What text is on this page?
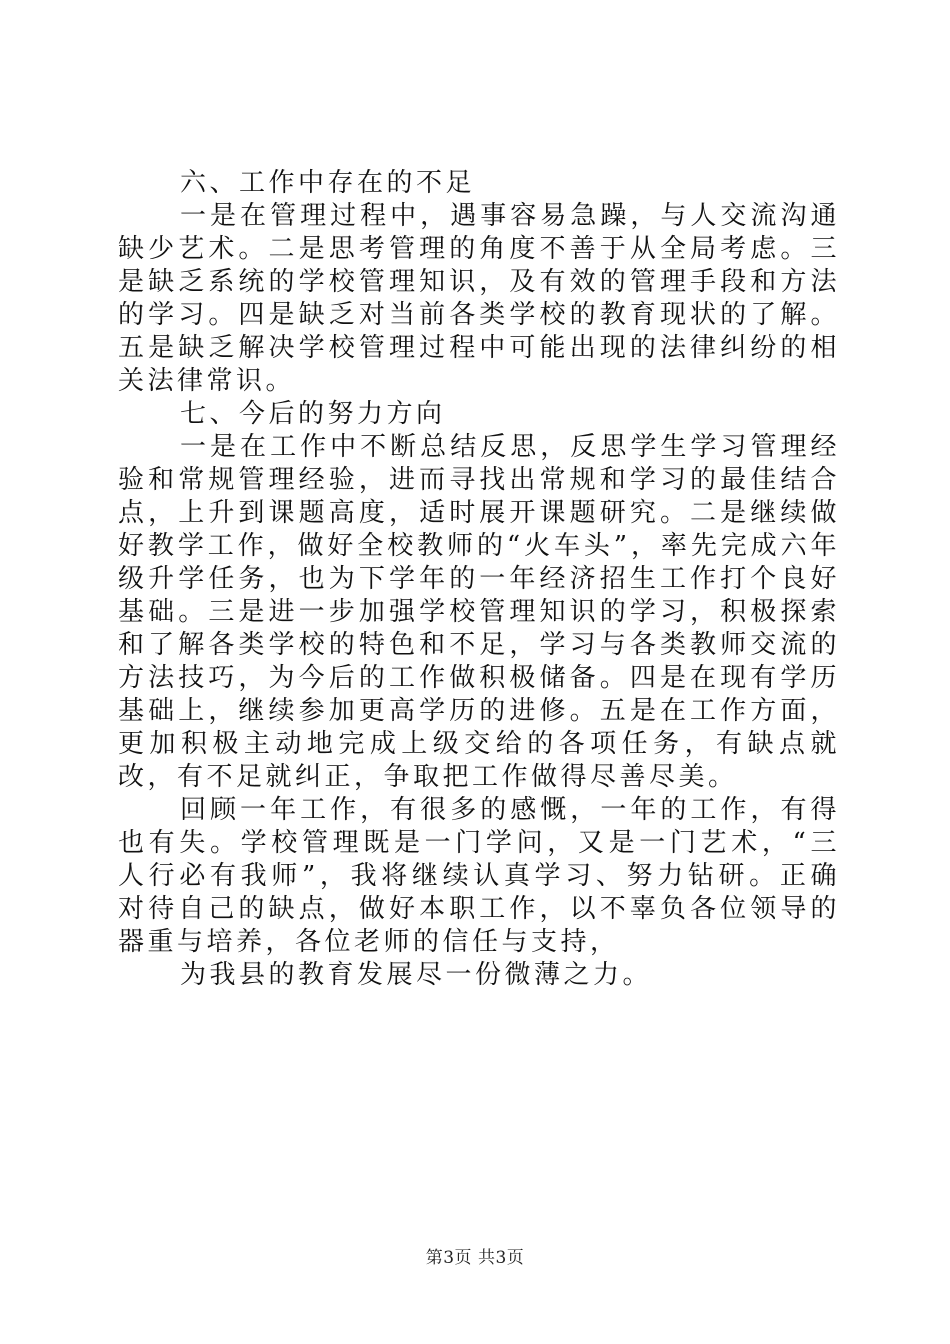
六、工作中存在的不足

一是在管理过程中，遇事容易急躁，与人交流沟通缺少艺术。二是思考管理的角度不善于从全局考虑。三是缺乏系统的学校管理知识，及有效的管理手段和方法的学习。四是缺乏对当前各类学校的教育现状的了解。五是缺乏解决学校管理过程中可能出现的法律纠纷的相关法律常识。

七、今后的努力方向

一是在工作中不断总结反思，反思学生学习管理经验和常规管理经验，进而寻找出常规和学习的最佳结合点，上升到课题高度，适时展开课题研究。二是继续做好教学工作，做好全校教师的“火车头”，率先完成六年级升学任务，也为下学年的一年经济招生工作打个良好基础。三是进一步加强学校管理知识的学习，积极探索和了解各类学校的特色和不足，学习与各类教师交流的方法技巧，为今后的工作做积极储备。四是在现有学历基础上，继续参加更高学历的进修。五是在工作方面，更加积极主动地完成上级交给的各项任务，有缺点就改，有不足就纠正，争取把工作做得尽善尽美。

回顾一年工作，有很多的感慨，一年的工作，有得也有失。学校管理既是一门学问，又是一门艺术，“三人行必有我师”，我将继续认真学习、努力钻研。正确对待自己的缺点，做好本职工作，以不辜负各位领导的器重与培养，各位老师的信任与支持，

为我县的教育发展尽一份微薄之力。

第3页 共3页
